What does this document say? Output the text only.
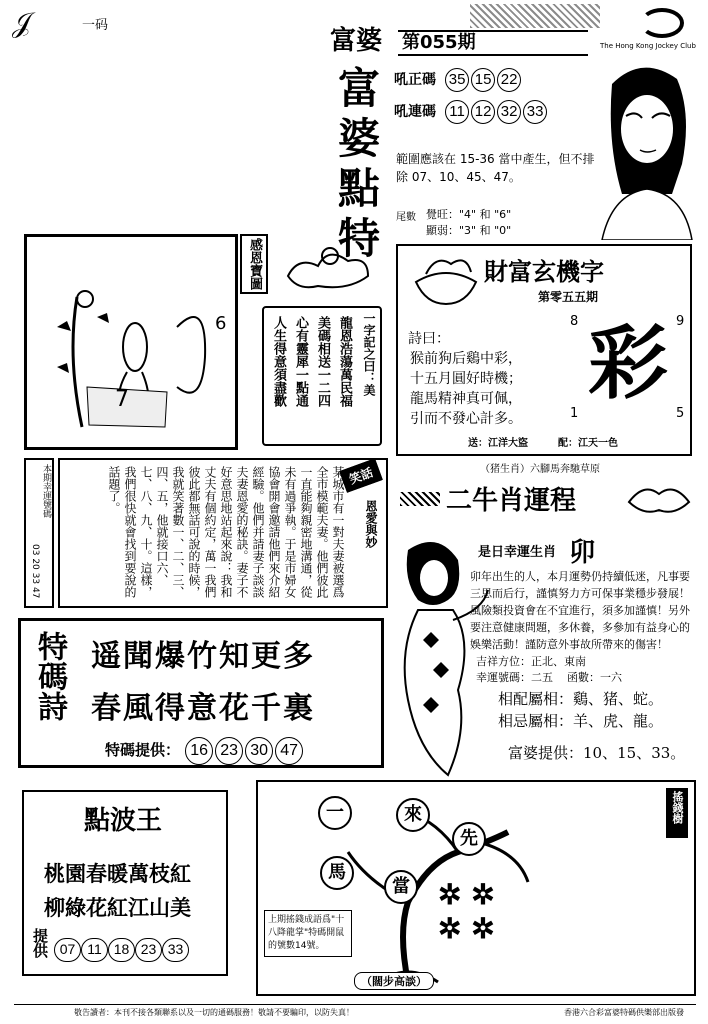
𝒥	一码
富婆 第055期	The Hong Kong Jockey Club
富
婆
點
特
吼正碼 35 15 22
吼連碼 11 12 32 33
範圍應該在 15-36 當中產生，但不排除 07、10、45、47。
尾數 覺旺："4" 和 "6"
顯弱："3" 和 "0"
6
7
感恩寶圖
一字記之曰：美
龍恩浩蕩萬民福
美碼相送一二四
心有靈犀一點通
人生得意須盡歡
財富玄機字
第零五五期
8	9
1	5
詩曰：
猴前狗后鷄中彩，
十五月圓好時機；
龍馬精神真可佩，
引而不發心計多。
彩
送：江洋大盜	配：江天一色
（猪生肖）六腳馬奔馳草原
本期幸運號碼
03 20 33 47
笑話
恩愛與妙
某城市有一對夫妻被選爲全市模範夫妻。他們彼此一直能夠親密地溝通，從未有過爭執。于是市婦女協會開會邀請他們來介紹經驗。他們并請妻子談談夫妻恩愛的秘訣。妻子不好意思地站起來說：我和丈夫有個約定，萬一我們彼此都無話可說的時候，我就笑著數一、二、三、四、五，他就接口六、七、八、九、十。這樣，我們很快就會找到要說的話題了。	二牛肖運程
是日幸運生肖 卯
卯年出生的人，本月運勢仍持續低迷，凡事要三思而后行，謹慎努力方可保事業穩步發展！風險類投資會在不宜進行，須多加謹慎！另外要注意健康問題，多休養，多參加有益身心的娛樂活動！謹防意外事故所帶來的傷害！
吉祥方位：正北、東南
幸運號碼：二五 函數：一六
相配屬相：鷄、猪、蛇。
相忌屬相：羊、虎、龍。
富婆提供：10、15、33。
特碼詩 遥聞爆竹知更多
春風得意花千裏
特碼提供： 16 23 30 47
點波王
桃園春暖萬枝紅
柳綠花紅江山美
提供 07 11 18 23 33
搖錢樹
一	來
先
馬
當 ✲ ✲
✲ ✲
上期搖錢成語爲"十八降龍掌"特碼開鼠的號數14號。
（闊步高談）
敬告讀者：本刊不接各類聯系以及一切的通碼服務！敬請不要騙印，以防失真！	香港六合彩富婆特碼供樂部出版發
